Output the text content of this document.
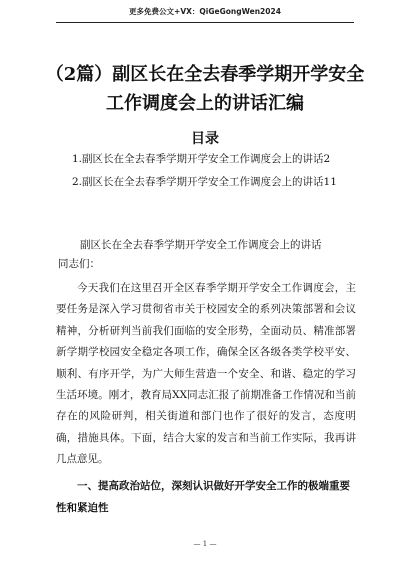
更多免费公文+VX：QiGeGongWen2024
（2篇）副区长在全去春季学期开学安全工作调度会上的讲话汇编
目录
1.副区长在全去春季学期开学安全工作调度会上的讲话2
2.副区长在全去春季学期开学安全工作调度会上的讲话11
副区长在全去春季学期开学安全工作调度会上的讲话
同志们：

今天我们在这里召开全区春季学期开学安全工作调度会，主要任务是深入学习贯彻省市关于校园安全的系列决策部署和会议精神，分析研判当前我们面临的安全形势，全面动员、精准部署新学期学校园安全稳定各项工作，确保全区各级各类学校平安、顺利、有序开学，为广大师生营造一个安全、和谐、稳定的学习生活环境。刚才，教育局XX同志汇报了前期准备工作情况和当前存在的风险研判，相关街道和部门也作了很好的发言，态度明确，措施具体。下面，结合大家的发言和当前工作实际，我再讲几点意见。

一、提高政治站位，深刻认识做好开学安全工作的极端重要性和紧迫性

— 1 —
